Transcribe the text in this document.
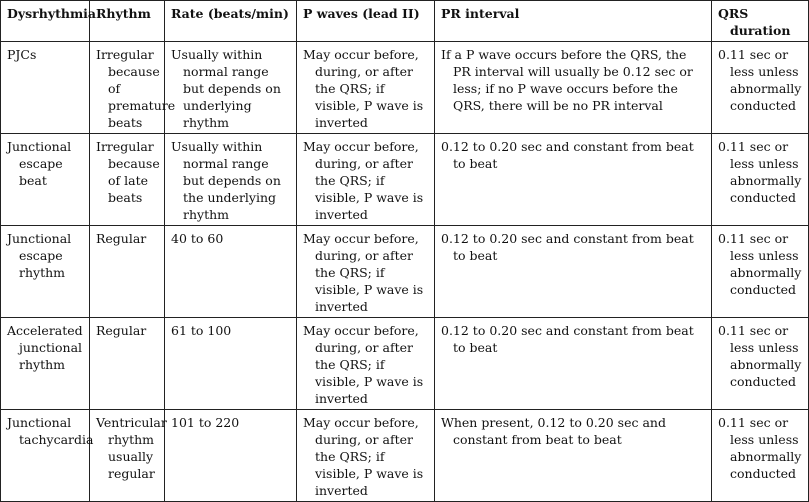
Dysrhythmia	Rhythm	Rate (beats/min)	P waves (lead II)	PR interval	QRS duration
PJCs	Irregular because of premature beats	Usually within normal range but depends on underlying rhythm	May occur before, during, or after the QRS; if visible, P wave is inverted	If a P wave occurs before the QRS, the PR interval will usually be 0.12 sec or less; if no P wave occurs before the QRS, there will be no PR interval	0.11 sec or less unless abnormally conducted
Junctional escape beat	Irregular because of late beats	Usually within normal range but depends on the underlying rhythm	May occur before, during, or after the QRS; if visible, P wave is inverted	0.12 to 0.20 sec and constant from beat to beat	0.11 sec or less unless abnormally conducted
Junctional escape rhythm	Regular	40 to 60	May occur before, during, or after the QRS; if visible, P wave is inverted	0.12 to 0.20 sec and constant from beat to beat	0.11 sec or less unless abnormally conducted
Accelerated junctional rhythm	Regular	61 to 100	May occur before, during, or after the QRS; if visible, P wave is inverted	0.12 to 0.20 sec and constant from beat to beat	0.11 sec or less unless abnormally conducted
Junctional tachycardia	Ventricular rhythm usually regular	101 to 220	May occur before, during, or after the QRS; if visible, P wave is inverted	When present, 0.12 to 0.20 sec and constant from beat to beat	0.11 sec or less unless abnormally conducted
